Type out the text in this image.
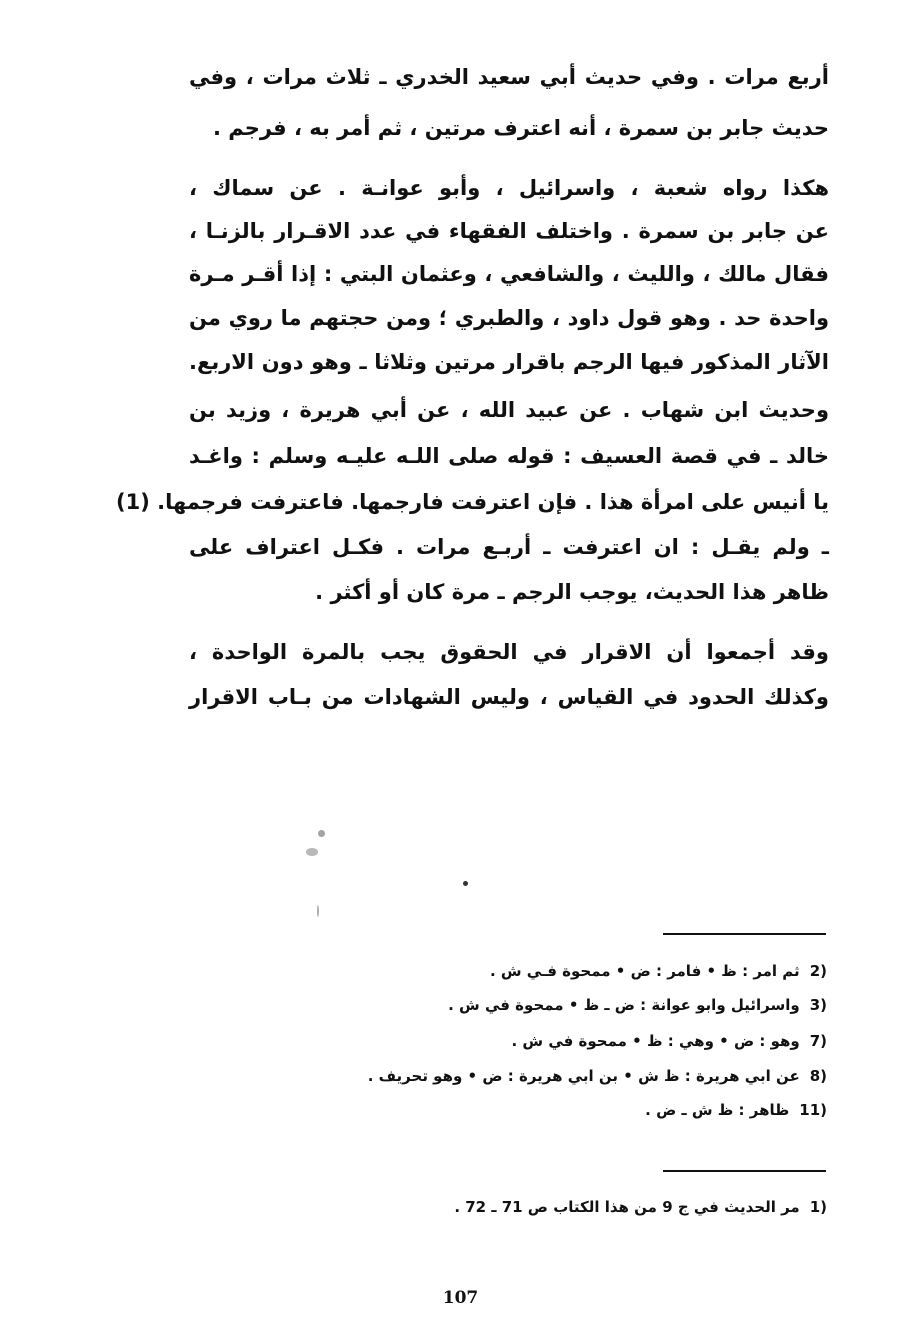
أربع مرات . وفي حديث أبي سعيد الخدري ـ ثلاث مرات ، وفي
حديث جابر بن سمرة ، أنه اعترف مرتين ، ثم أمر به ، فرجم .
هكذا رواه شعبة ، واسرائيل ، وأبو عوانـة . عن سماك ،
عن جابر بن سمرة . واختلف الفقهاء في عدد الاقـرار بالزنـا ،
فقال مالك ، والليث ، والشافعي ، وعثمان البتي : إذا أقـر مـرة
واحدة حد . وهو قول داود ، والطبري ؛ ومن حجتهم ما روي من
الآثار المذكور فيها الرجم باقرار مرتين وثلاثا ـ وهو دون الاربع.
وحديث ابن شهاب . عن عبيد الله ، عن أبي هريرة ، وزيد بن
خالد ـ في قصة العسيف : قوله صلى اللـه عليـه وسلم : واغـد
يا أنيس على امرأة هذا . فإن اعترفت فارجمها. فاعترفت فرجمها. (1)
ـ ولم يقـل : ان اعترفت ـ أربـع مرات . فكـل اعتراف على
ظاهر هذا الحديث، يوجب الرجم ـ مرة كان أو أكثر .
وقد أجمعوا أن الاقرار في الحقوق يجب بالمرة الواحدة ،
وكذلك الحدود في القياس ، وليس الشهادات من بـاب الاقرار
2)ثم امر : ظ • فامر : ض • ممحوة فـي ش .
3)واسرائيل وابو عوانة : ض ـ ظ • ممحوة في ش .
7)وهو : ض • وهي : ظ • ممحوة في ش .
8)عن ابي هريرة : ظ ش • بن ابي هريرة : ض • وهو تحريف .
11)ظاهر : ظ ش ـ ض .
1)مر الحديث في ج 9 من هذا الكتاب ص 71 ـ 72 .
107
